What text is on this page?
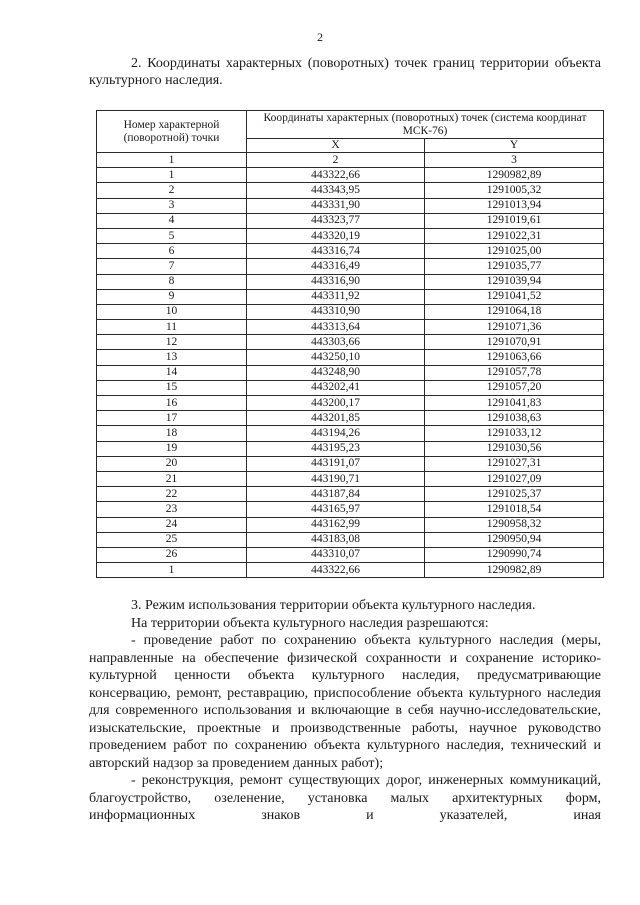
2

2. Координаты характерных (поворотных) точек границ территории объекта культурного наследия.

Номер характерной (поворотной) точки	Координаты характерных (поворотных) точек (система координат МСК-76)	
	X	Y
1	2	3
1	443322,66	1290982,89
2	443343,95	1291005,32
3	443331,90	1291013,94
4	443323,77	1291019,61
5	443320,19	1291022,31
6	443316,74	1291025,00
7	443316,49	1291035,77
8	443316,90	1291039,94
9	443311,92	1291041,52
10	443310,90	1291064,18
11	443313,64	1291071,36
12	443303,66	1291070,91
13	443250,10	1291063,66
14	443248,90	1291057,78
15	443202,41	1291057,20
16	443200,17	1291041,83
17	443201,85	1291038,63
18	443194,26	1291033,12
19	443195,23	1291030,56
20	443191,07	1291027,31
21	443190,71	1291027,09
22	443187,84	1291025,37
23	443165,97	1291018,54
24	443162,99	1290958,32
25	443183,08	1290950,94
26	443310,07	1290990,74
1	443322,66	1290982,89

3. Режим использования территории объекта культурного наследия.

На территории объекта культурного наследия разрешаются:

- проведение работ по сохранению объекта культурного наследия (меры, направленные на обеспечение физической сохранности и сохранение историко-культурной ценности объекта культурного наследия, предусматривающие консервацию, ремонт, реставрацию, приспособление объекта культурного наследия для современного использования и включающие в себя научно-исследовательские, изыскательские, проектные и производственные работы, научное руководство проведением работ по сохранению объекта культурного наследия, технический и авторский надзор за проведением данных работ);

- реконструкция, ремонт существующих дорог, инженерных коммуникаций, благоустройство, озеленение, установка малых архитектурных форм, информационных знаков и указателей, иная
